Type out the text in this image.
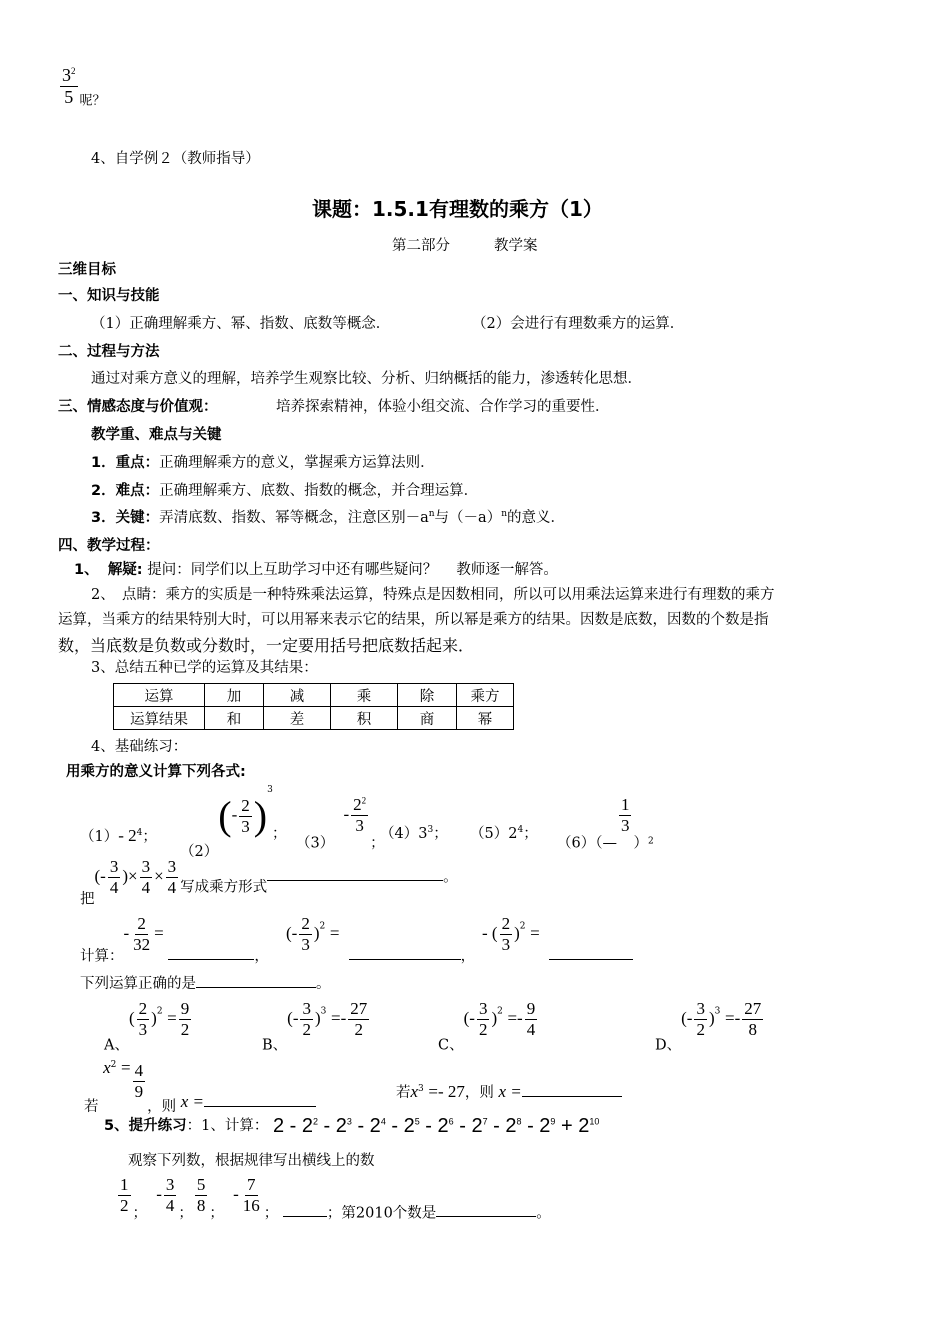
$\frac{3^2}{5}$ 呢？
4、自学例２（教师指导）
课题：1.5.1有理数的乘方（1）
第二部分	教学案
三维目标
一、知识与技能
（1）正确理解乘方、幂、指数、底数等概念．	（2）会进行有理数乘方的运算．
二、过程与方法
通过对乘方意义的理解，培养学生观察比较、分析、归纳概括的能力，渗透转化思想．
三、情感态度与价值观：	培养探索精神，体验小组交流、合作学习的重要性．
教学重、难点与关键
1．重点：正确理解乘方的意义，掌握乘方运算法则．
2．难点：正确理解乘方、底数、指数的概念，并合理运算．
3．关键：弄清底数、指数、幂等概念，注意区别$-a^n$与$(-a)^n$的意义．
四、教学过程：
1、 解疑: 提问：同学们以上互助学习中还有哪些疑问？　 教师逐一解答。
2、　点睛：乘方的实质是一种特殊乘法运算，特殊点是因数相同，所以可以用乘法运算来进行有理数的乘方
运算，当乘方的结果特别大时，可以用幂来表示它的结果，所以幂是乘方的结果。因数是底数，因数的个数是指
数，当底数是负数或分数时，一定要用括号把底数括起来．
3、总结五种已学的运算及其结果：
运算	加	减	乘	除	乘方
运算结果	和	差	积	商	幂
4、基础练习：
用乘方的意义计算下列各式:
（1）- $2^4$；
$(2)(- \frac{2}{3} )^3$
；
$(3) - \frac{2^2}{3}$
；
$(4)3^3$； $(5)2^4$；
（6）（—
$\frac{1}{3}$
）$^2$
把(- $\frac{3}{4}$ )× $\frac{3}{4} \times \frac{3}{4}$ 写成乘方形式。
计算：- $\frac{2}{32}$ = ，
(- $\frac{2}{3} )^2$ =  ，
- ( $\frac{2}{3} )^2$ =
下列运算正确的是	。
A、( $\frac{2}{3} )^2 = \frac{9}{2}$
B、(- $\frac{3}{2} )^3 =- \frac{27}{2}$
C、(- $\frac{3}{2} )^2 =- \frac{9}{4}$
D、(- $\frac{3}{2} )^3 =- \frac{27}{8}$
若 $x^2 = \frac{4}{9}$
，则 x =	若$x^3 =- 27$，则 x =
5、提升练习：1、计算： $2 - 2^2 - 2^3 - 2^4 - 2^5 - 2^6 - 2^7 - 2^8 - 2^9 + 2^{10}$
观察下列数，根据规律写出横线上的数
$\frac{1}{2}$ ；  - $\frac{3}{4}$ ； $\frac{5}{8}$ ；  - $\frac{7}{16}$ ；	；第2010个数是	。
